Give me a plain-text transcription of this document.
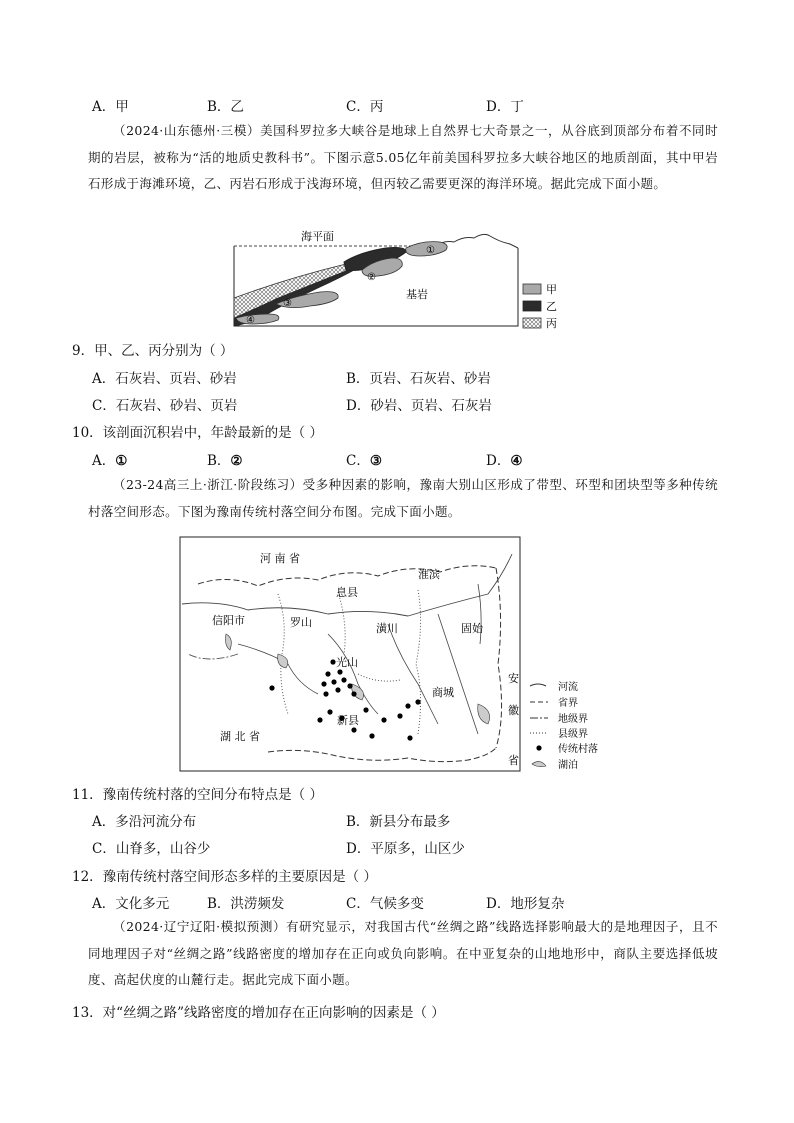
A．甲	B．乙	C．丙	D．丁
（2024·山东德州·三模）美国科罗拉多大峡谷是地球上自然界七大奇景之一，从谷底到顶部分布着不同时期的岩层，被称为“活的地质史教科书”。下图示意5.05亿年前美国科罗拉多大峡谷地区的地质剖面，其中甲岩石形成于海滩环境，乙、丙岩石形成于浅海环境，但丙较乙需要更深的海洋环境。据此完成下面小题。
海平面
基岩
①
②
③
④
甲
乙
丙
9．甲、乙、丙分别为（ ）
A．石灰岩、页岩、砂岩	B．页岩、石灰岩、砂岩
C．石灰岩、砂岩、页岩	D．砂岩、页岩、石灰岩
10．该剖面沉积岩中，年龄最新的是（ ）
A．①	B．②	C．③	D．④
（23-24高三上·浙江·阶段练习）受多种因素的影响，豫南大别山区形成了带型、环型和团块型等多种传统村落空间形态。下图为豫南传统村落空间分布图。完成下面小题。
河 南 省
淮滨
息县
信阳市	罗山	潢川	固始
光山
商城
新县
湖 北 省
安
徽
省
河流
省界
地级界
县级界
传统村落
湖泊
11．豫南传统村落的空间分布特点是（ ）
A．多沿河流分布	B．新县分布最多
C．山脊多，山谷少	D．平原多，山区少
12．豫南传统村落空间形态多样的主要原因是（ ）
A．文化多元	B．洪涝频发	C．气候多变	D．地形复杂
（2024·辽宁辽阳·模拟预测）有研究显示，对我国古代“丝绸之路”线路选择影响最大的是地理因子，且不同地理因子对“丝绸之路”线路密度的增加存在正向或负向影响。在中亚复杂的山地地形中，商队主要选择低坡度、高起伏度的山麓行走。据此完成下面小题。
13．对“丝绸之路”线路密度的增加存在正向影响的因素是（ ）
